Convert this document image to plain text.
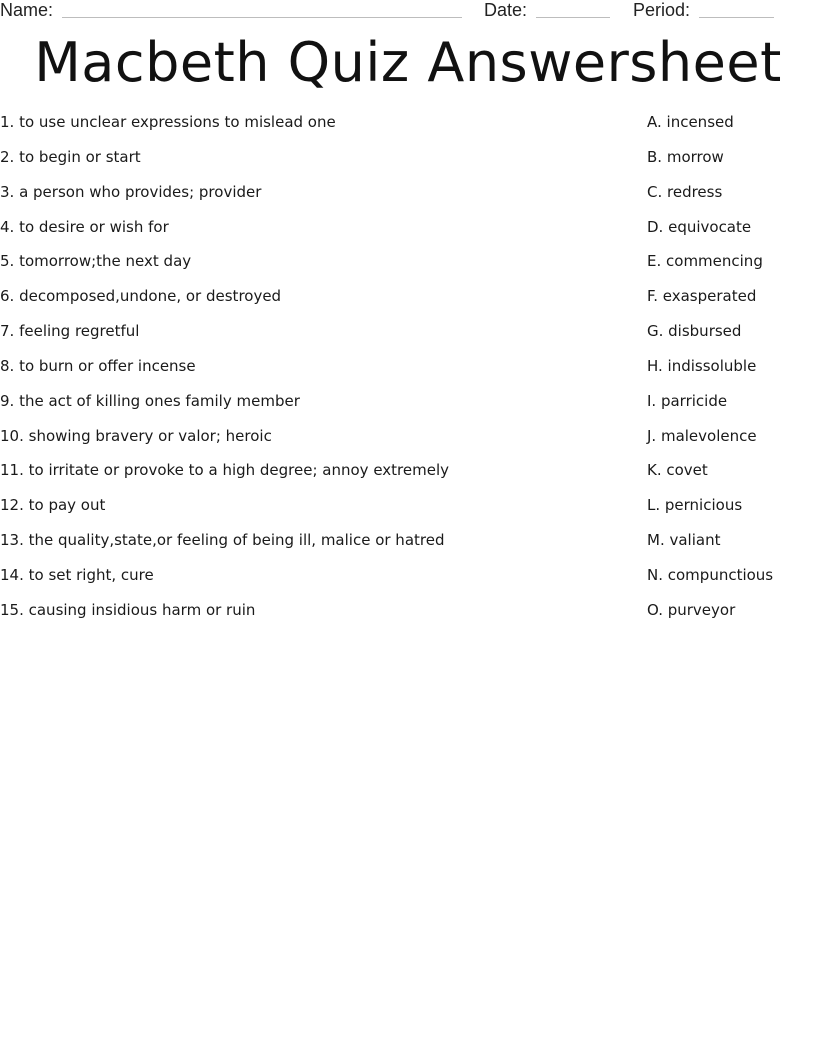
Name:	Date:	Period:
Macbeth Quiz Answersheet
1. to use unclear expressions to mislead one
2. to begin or start
3. a person who provides; provider
4. to desire or wish for
5. tomorrow;the next day
6. decomposed,undone, or destroyed
7. feeling regretful
8. to burn or offer incense
9. the act of killing ones family member
10. showing bravery or valor; heroic
11. to irritate or provoke to a high degree; annoy extremely
12. to pay out
13. the quality,state,or feeling of being ill, malice or hatred
14. to set right, cure
15. causing insidious harm or ruin
A. incensed
B. morrow
C. redress
D. equivocate
E. commencing
F. exasperated
G. disbursed
H. indissoluble
I. parricide
J. malevolence
K. covet
L. pernicious
M. valiant
N. compunctious
O. purveyor
